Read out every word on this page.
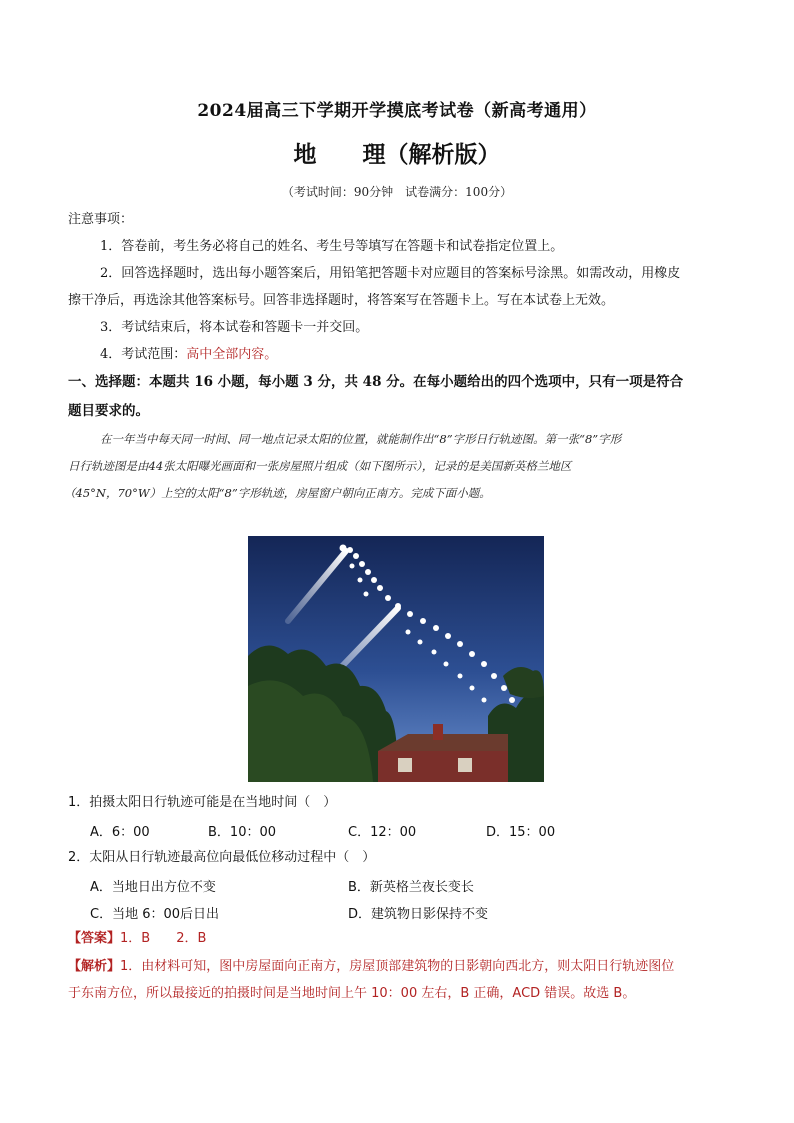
2024届高三下学期开学摸底考试卷（新高考通用）
地　　理（解析版）
（考试时间：90分钟　试卷满分：100分）
注意事项：
1．答卷前，考生务必将自己的姓名、考生号等填写在答题卡和试卷指定位置上。
2．回答选择题时，选出每小题答案后，用铅笔把答题卡对应题目的答案标号涂黑。如需改动，用橡皮
擦干净后，再选涂其他答案标号。回答非选择题时，将答案写在答题卡上。写在本试卷上无效。
3．考试结束后，将本试卷和答题卡一并交回。
4．考试范围：高中全部内容。
一、选择题：本题共 16 小题，每小题 3 分，共 48 分。在每小题给出的四个选项中，只有一项是符合
题目要求的。
在一年当中每天同一时间、同一地点记录太阳的位置，就能制作出“8”字形日行轨迹图。第一张“8”字形
日行轨迹图是由44张太阳曝光画面和一张房屋照片组成（如下图所示），记录的是美国新英格兰地区
（45°N，70°W）上空的太阳“8”字形轨迹，房屋窗户朝向正南方。完成下面小题。
1．拍摄太阳日行轨迹可能是在当地时间（　）
A．6：00	B．10：00	C．12：00	D．15：00
2．太阳从日行轨迹最高位向最低位移动过程中（　）
A．当地日出方位不变	B．新英格兰夜长变长
C．当地 6：00后日出	D．建筑物日影保持不变
【答案】1．B　　2．B
【解析】1．由材料可知，图中房屋面向正南方，房屋顶部建筑物的日影朝向西北方，则太阳日行轨迹图位
于东南方位，所以最接近的拍摄时间是当地时间上午 10：00 左右，B 正确，ACD 错误。故选 B。
